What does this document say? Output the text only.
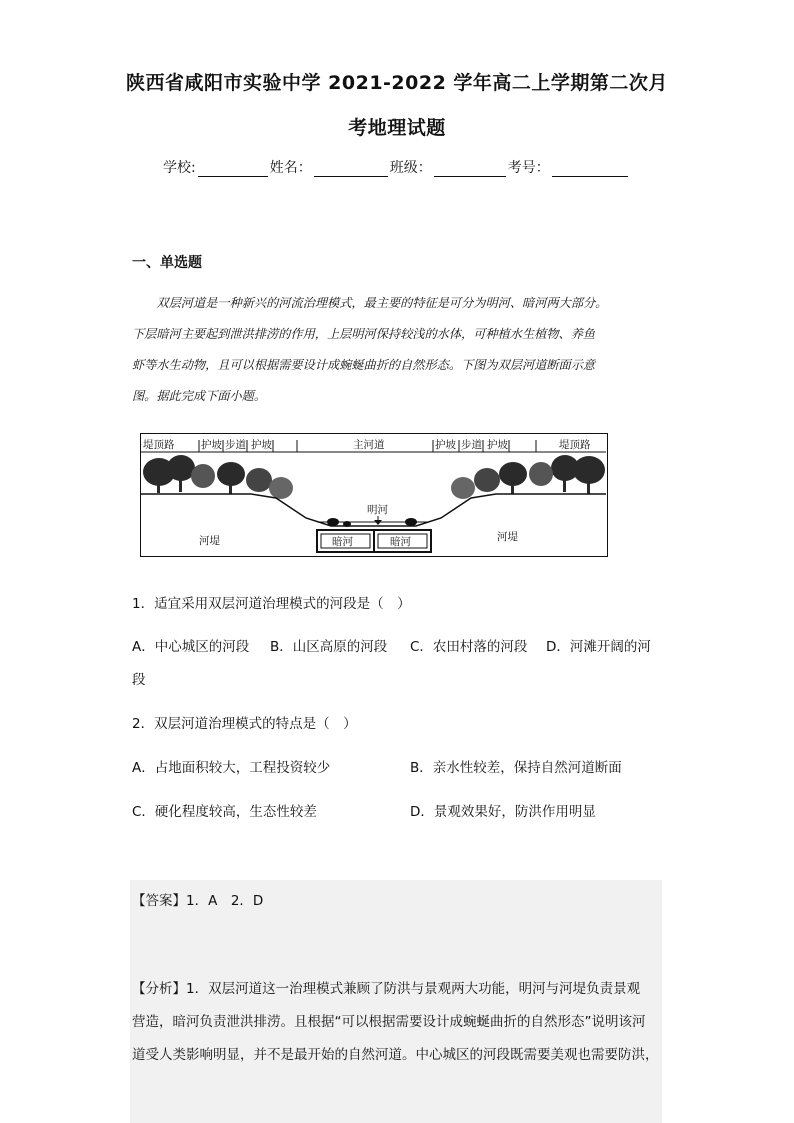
陕西省咸阳市实验中学 2021-2022 学年高二上学期第二次月
考地理试题
学校:	姓名：	班级：	考号：
一、单选题

双层河道是一种新兴的河流治理模式，最主要的特征是可分为明河、暗河两大部分。

下层暗河主要起到泄洪排涝的作用，上层明河保持较浅的水体，可种植水生植物、养鱼
虾等水生动物，且可以根据需要设计成蜿蜒曲折的自然形态。下图为双层河道断面示意
图。据此完成下面小题。
堤顶路	护坡 步道 护坡	主河道	护坡 步道 护坡	堤顶路
明河
暗河	暗河
河堤	河堤
1．适宜采用双层河道治理模式的河段是（　）
A．中心城区的河段 B．山区高原的河段 C．农田村落的河段 D．河滩开阔的河
段
2．双层河道治理模式的特点是（　）
A．占地面积较大，工程投资较少	B．亲水性较差，保持自然河道断面
C．硬化程度较高，生态性较差	D．景观效果好，防洪作用明显
【答案】1．A　2．D
【分析】1．双层河道这一治理模式兼顾了防洪与景观两大功能，明河与河堤负责景观
营造，暗河负责泄洪排涝。且根据“可以根据需要设计成蜿蜒曲折的自然形态”说明该河
道受人类影响明显，并不是最开始的自然河道。中心城区的河段既需要美观也需要防洪，
